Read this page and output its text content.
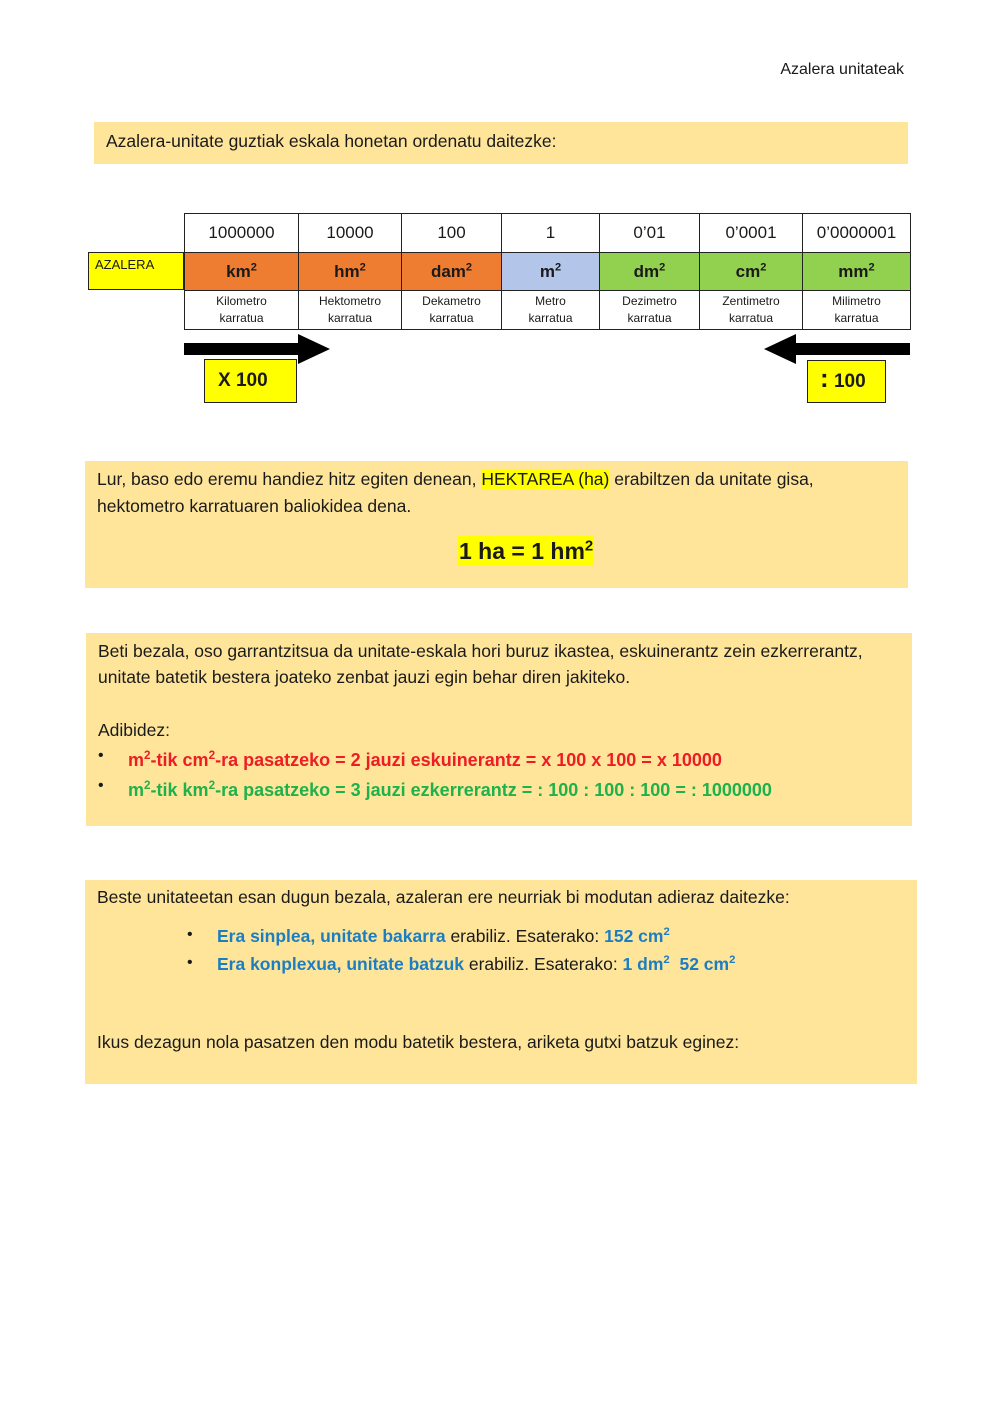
Azalera unitateak
Azalera-unitate guztiak eskala honetan ordenatu daitezke:
AZALERA
1000000	10000	100	1	0’01	0’0001	0’0000001
$km^2$	$hm^2$	dam$^2$	$m^2$	$dm^2$	$cm^2$	$mm^2$
Kilometro
karratua	Hektometro
karratua	Dekametro
karratua	Metro
karratua	Dezimetro
karratua	Zentimetro
karratua	Milimetro
karratua
X 100	: 100
Lur, baso edo eremu handiez hitz egiten denean, HEKTAREA (ha) erabiltzen da unitate gisa,
hektometro karratuaren baliokidea dena.
1 ha = 1 $hm^2$
Beti bezala, oso garrantzitsua da unitate-eskala hori buruz ikastea, eskuinerantz zein ezkerrerantz,
unitate batetik bestera joateko zenbat jauzi egin behar diren jakiteko.
Adibidez:
• $m^2$-tik $cm^2-ra$ pasatzeko = 2 jauzi eskuinerantz = x 100 x 100 = x 10000
• $m^2$-tik $km^2-ra$ pasatzeko = 3 jauzi ezkerrerantz = : 100 : 100 : 100 = : 1000000
Beste unitateetan esan dugun bezala, azaleran ere neurriak bi modutan adieraz daitezke:
• Era sinplea, unitate bakarra erabiliz. Esaterako: 152 $cm^2$
• Era konplexua, unitate batzuk erabiliz. Esaterako: 1 $dm^2$  52 $cm^2$
Ikus dezagun nola pasatzen den modu batetik bestera, ariketa gutxi batzuk eginez:
